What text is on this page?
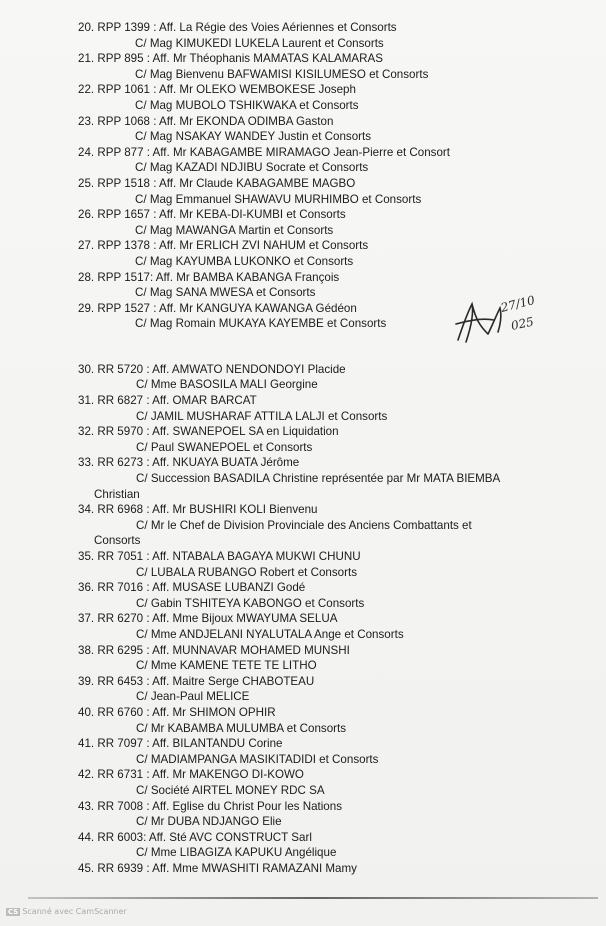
20. RPP 1399 : Aff. La Régie des Voies Aériennes et Consorts
C/ Mag KIMUKEDI LUKELA Laurent et Consorts
21. RPP 895 : Aff. Mr Théophanis MAMATAS KALAMARAS
C/ Mag Bienvenu BAFWAMISI KISILUMESO et Consorts
22. RPP 1061 : Aff. Mr OLEKO WEMBOKESE Joseph
C/ Mag MUBOLO TSHIKWAKA et Consorts
23. RPP 1068 : Aff. Mr EKONDA ODIMBA Gaston
C/ Mag NSAKAY WANDEY Justin et Consorts
24. RPP 877 : Aff. Mr KABAGAMBE MIRAMAGO Jean-Pierre et Consort
C/ Mag KAZADI NDJIBU Socrate et Consorts
25. RPP 1518 : Aff. Mr Claude KABAGAMBE MAGBO
C/ Mag Emmanuel SHAWAVU MURHIMBO et Consorts
26. RPP 1657 : Aff. Mr KEBA-DI-KUMBI et Consorts
C/ Mag MAWANGA Martin et Consorts
27. RPP 1378 : Aff. Mr ERLICH ZVI NAHUM et Consorts
C/ Mag KAYUMBA LUKONKO et Consorts
28. RPP 1517: Aff. Mr BAMBA KABANGA François
C/ Mag SANA MWESA et Consorts
29. RPP 1527 : Aff. Mr KANGUYA KAWANGA Gédéon
C/ Mag Romain MUKAYA KAYEMBE et Consorts
30. RR 5720 : Aff. AMWATO NENDONDOYI Placide
C/ Mme BASOSILA MALI Georgine
31. RR 6827 : Aff. OMAR BARCAT
C/ JAMIL MUSHARAF ATTILA LALJI et Consorts
32. RR 5970 : Aff. SWANEPOEL SA en Liquidation
C/ Paul SWANEPOEL et Consorts
33. RR 6273 : Aff. NKUAYA BUATA Jérôme
C/ Succession BASADILA Christine représentée par Mr MATA BIEMBA
Christian
34. RR 6968 : Aff. Mr BUSHIRI KOLI Bienvenu
C/ Mr le Chef de Division Provinciale des Anciens Combattants et
Consorts
35. RR 7051 : Aff. NTABALA BAGAYA MUKWI CHUNU
C/ LUBALA RUBANGO Robert et Consorts
36. RR 7016 : Aff. MUSASE LUBANZI Godé
C/ Gabin TSHITEYA KABONGO et Consorts
37. RR 6270 : Aff. Mme Bijoux MWAYUMA SELUA
C/ Mme ANDJELANI NYALUTALA Ange et Consorts
38. RR 6295 : Aff. MUNNAVAR MOHAMED MUNSHI
C/ Mme KAMENE TETE TE LITHO
39. RR 6453 : Aff. Maitre Serge CHABOTEAU
C/ Jean-Paul MELICE
40. RR 6760 : Aff. Mr SHIMON OPHIR
C/ Mr KABAMBA MULUMBA et Consorts
41. RR 7097 : Aff. BILANTANDU Corine
C/ MADIAMPANGA MASIKITADIDI et Consorts
42. RR 6731 : Aff. Mr MAKENGO DI-KOWO
C/ Société AIRTEL MONEY RDC SA
43. RR 7008 : Aff. Eglise du Christ Pour les Nations
C/ Mr DUBA NDJANGO Elie
44. RR 6003: Aff. Sté AVC CONSTRUCT Sarl
C/ Mme LIBAGIZA KAPUKU Angélique
45. RR 6939 : Aff. Mme MWASHITI RAMAZANI Mamy
27/10
025
CS Scanné avec CamScanner
